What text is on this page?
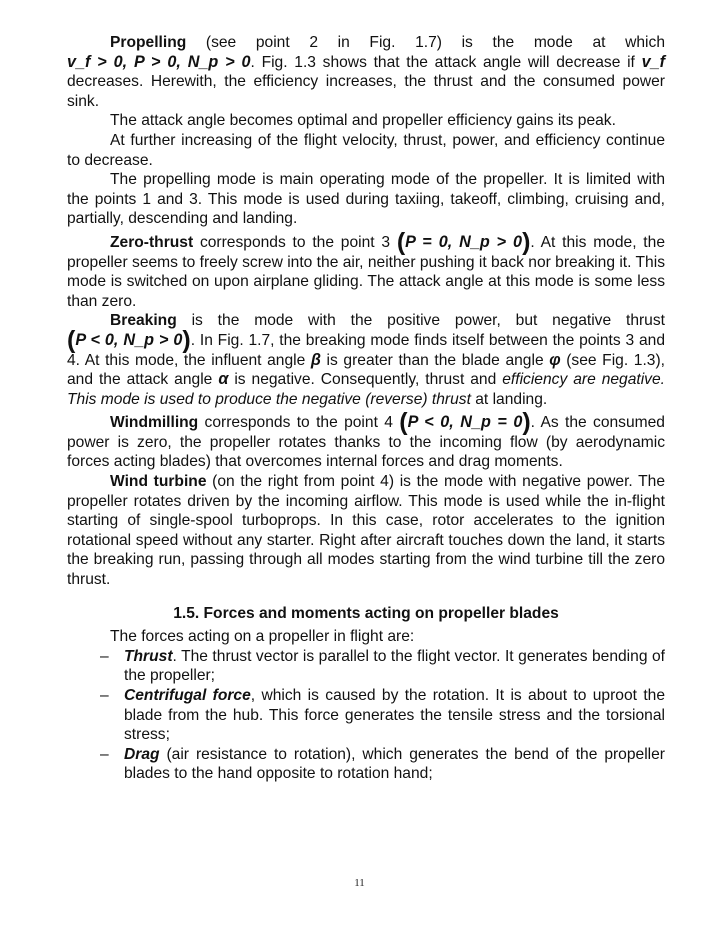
Propelling (see point 2 in Fig. 1.7) is the mode at which v_f > 0, P > 0, N_p > 0. Fig. 1.3 shows that the attack angle will decrease if v_f decreases. Herewith, the efficiency increases, the thrust and the consumed power sink.

The attack angle becomes optimal and propeller efficiency gains its peak.

At further increasing of the flight velocity, thrust, power, and efficiency continue to decrease.

The propelling mode is main operating mode of the propeller. It is limited with the points 1 and 3. This mode is used during taxiing, takeoff, climbing, cruising and, partially, descending and landing.

Zero-thrust corresponds to the point 3 (P = 0, N_p > 0). At this mode, the propeller seems to freely screw into the air, neither pushing it back nor breaking it. This mode is switched on upon airplane gliding. The attack angle at this mode is some less than zero.

Breaking is the mode with the positive power, but negative thrust (P < 0, N_p > 0). In Fig. 1.7, the breaking mode finds itself between the points 3 and 4. At this mode, the influent angle β is greater than the blade angle φ (see Fig. 1.3), and the attack angle α is negative. Consequently, thrust and efficiency are negative. This mode is used to produce the negative (reverse) thrust at landing.

Windmilling corresponds to the point 4 (P < 0, N_p = 0). As the consumed power is zero, the propeller rotates thanks to the incoming flow (by aerodynamic forces acting blades) that overcomes internal forces and drag moments.

Wind turbine (on the right from point 4) is the mode with negative power. The propeller rotates driven by the incoming airflow. This mode is used while the in-flight starting of single-spool turboprops. In this case, rotor accelerates to the ignition rotational speed without any starter. Right after aircraft touches down the land, it starts the breaking run, passing through all modes starting from the wind turbine till the zero thrust.

1.5. Forces and moments acting on propeller blades

The forces acting on a propeller in flight are:

– Thrust. The thrust vector is parallel to the flight vector. It generates bending of the propeller;
– Centrifugal force, which is caused by the rotation. It is about to uproot the blade from the hub. This force generates the tensile stress and the torsional stress;
– Drag (air resistance to rotation), which generates the bend of the propeller blades to the hand opposite to rotation hand;
11
